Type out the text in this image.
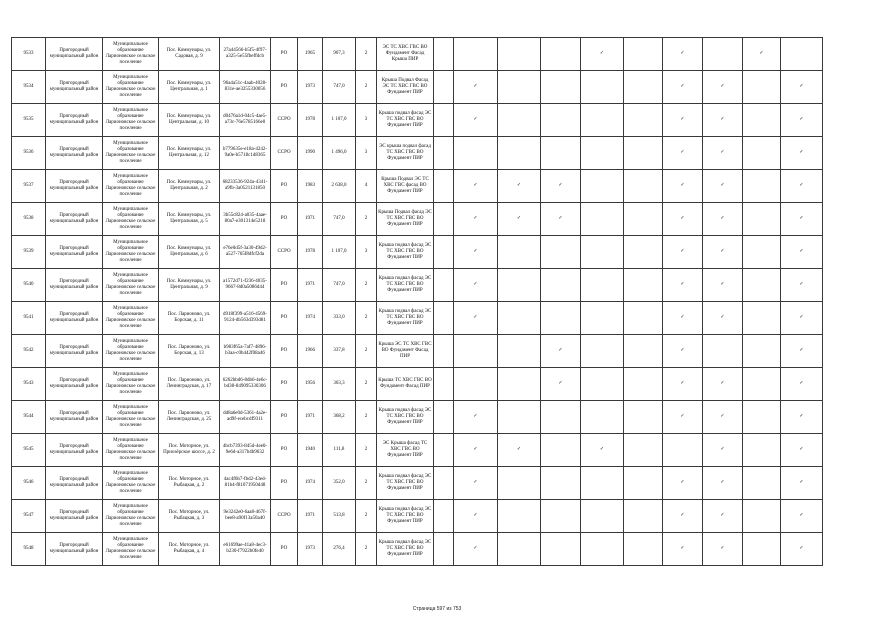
9533	Пригородный муниципальный район	Муниципальное образование Ларионовское сельское поселение	Пос. Коммунары, ул. Садовая, д. 9	27a44566-b5f5-4f97-a325-5e55fbeffdcb	РО	1965	907,3	2	ЭС ТС ХВС ГВС ВО Фундамент Фасад Крыша ПИР					✓		✓		✓	
9534	Пригородный муниципальный район	Муниципальное образование Ларионовское сельское поселение	Пос. Коммунары, ул. Центральная, д. 1	96a4a51c-4aab-4028-831e-ae3255330056	РО	1973	747,0	2	Крыша Подвал Фасад ЭС ТС ХВС ГВС ВО Фундамент ПИР		✓					✓	✓		✓
9535	Пригородный муниципальный район	Муниципальное образование Ларионовское сельское поселение	Пос. Коммунары, ул. Центральная, д. 10	d0476a1d-04c5-4ae5-a73c-76e5785166e0	ССРО	1978	1 107,0	3	Крыша подвал фасад ЭС ТС ХВС ГВС ВО Фундамент ПИР		✓					✓	✓		✓
9536	Пригородный муниципальный район	Муниципальное образование Ларионовское сельское поселение	Пос. Коммунары, ул. Центральная, д. 12	b779635e-e18a-4242-9a0e-b5718c1d8365	ССРО	1990	1 496,0	3	ЭС крыша подвал фасад ТС ХВС ГВС ВО Фундамент ПИР							✓	✓		✓
9537	Пригородный муниципальный район	Муниципальное образование Ларионовское сельское поселение	Пос. Коммунары, ул. Центральная, д. 2	68233536-924a-4341-a9fb-3a0521131850	РО	1983	2 638,0	4	Крыша Подвал ЭС ТС ХВС ГВС фасад ВО Фундамент ПИР		✓	✓	✓			✓	✓		✓
9538	Пригородный муниципальный район	Муниципальное образование Ларионовское сельское поселение	Пос. Коммунары, ул. Центральная, д. 5	3b55c824-a035-4aae-80a7-e301314e5218	РО	1971	747,0	2	Крыша Подвал фасад ЭС ТС ХВС ГВС ВО Фундамент ПИР		✓	✓	✓			✓	✓		✓
9539	Пригородный муниципальный район	Муниципальное образование Ларионовское сельское поселение	Пос. Коммунары, ул. Центральная, д. 6	e76e0d5f-3a30-49d2-a527-765f8dfcf2da	ССРО	1978	1 107,0	3	Крыша подвал фасад ЭС ТС ХВС ГВС ВО Фундамент ПИР		✓					✓	✓		✓
9540	Пригородный муниципальный район	Муниципальное образование Ларионовское сельское поселение	Пос. Коммунары, ул. Центральная, д. 9	a1572d71-f236-4035-9667-8d0a5086d44	РО	1971	747,0	2	Крыша подвал фасад ЭС ТС ХВС ГВС ВО Фундамент ПИР		✓					✓	✓		✓
9541	Пригородный муниципальный район	Муниципальное образование Ларионовское сельское поселение	Пос. Ларионово, ул. Борская, д. 11	d918f399-a516-4569-9124-db563d393d81	РО	1974	333,0	2	Крыша подвал фасад ЭС ТС ХВС ГВС ВО Фундамент ПИР		✓					✓	✓		✓
9542	Пригородный муниципальный район	Муниципальное образование Ларионовское сельское поселение	Пос. Ларионово, ул. Борская, д. 13	b983f65a-7af7-4896-b3aa-c0b442f08a46	РО	1966	337,8	2	Крыша ЭС ТС ХВС ГВС ВО Фундамент Фасад ПИР				✓			✓			✓
9543	Пригородный муниципальный район	Муниципальное образование Ларионовское сельское поселение	Пос. Ларионово, ул. Ленинградская, д. 17	6262bbd6-8db6-4e6c-bd38-849095330306	РО	1956	303,3	2	Крыша ТС ХВС ГВС ВО Фундамент Фасад ПИР				✓			✓	✓		✓
9544	Пригородный муниципальный район	Муниципальное образование Ларионовское сельское поселение	Пос. Ларионово, ул. Ленинградская, д. 25	dd8a6e0d-5361-4a2e-ad9f-ecebcdf9311	РО	1971	368,2	2	Крыша подвал фасад ЭС ТС ХВС ГВС ВО Фундамент ПИР		✓					✓	✓		✓
9545	Пригородный муниципальный район	Муниципальное образование Ларионовское сельское поселение	Пос. Моторное, ул. Приозёрское шоссе, д. 2	4bcb7393-845d-4ee0-9e6d-a317b4b9632	РО	1940	111,8	2	ЭС Крыша фасад ТС ХВС ГВС ВО Фундамент ПИР		✓	✓		✓			✓		✓
9546	Пригородный муниципальный район	Муниципальное образование Ларионовское сельское поселение	Пос. Моторное, ул. Рыбацкая, д. 2	4ac4f6b7-fbd2-43ed-81b4-f81071950d48	РО	1974	352,0	2	Крыша подвал фасад ЭС ТС ХВС ГВС ВО Фундамент ПИР		✓					✓	✓		✓
9547	Пригородный муниципальный район	Муниципальное образование Ларионовское сельское поселение	Пос. Моторное, ул. Рыбацкая, д. 3	9e3242e0-6aa8-467f-bee8-a90f13a50a40	ССРО	1971	513,8	2	Крыша подвал фасад ЭС ТС ХВС ГВС ВО Фундамент ПИР		✓					✓	✓		✓
9548	Пригородный муниципальный район	Муниципальное образование Ларионовское сельское поселение	Пос. Моторное, ул. Рыбацкая, д. 4	e61699ae-41a8-4ec3-b230-f7922b0fe40	РО	1973	276,4	2	Крыша подвал фасад ЭС ТС ХВС ГВС ВО Фундамент ПИР		✓					✓	✓		✓
Страница 597 из 753
